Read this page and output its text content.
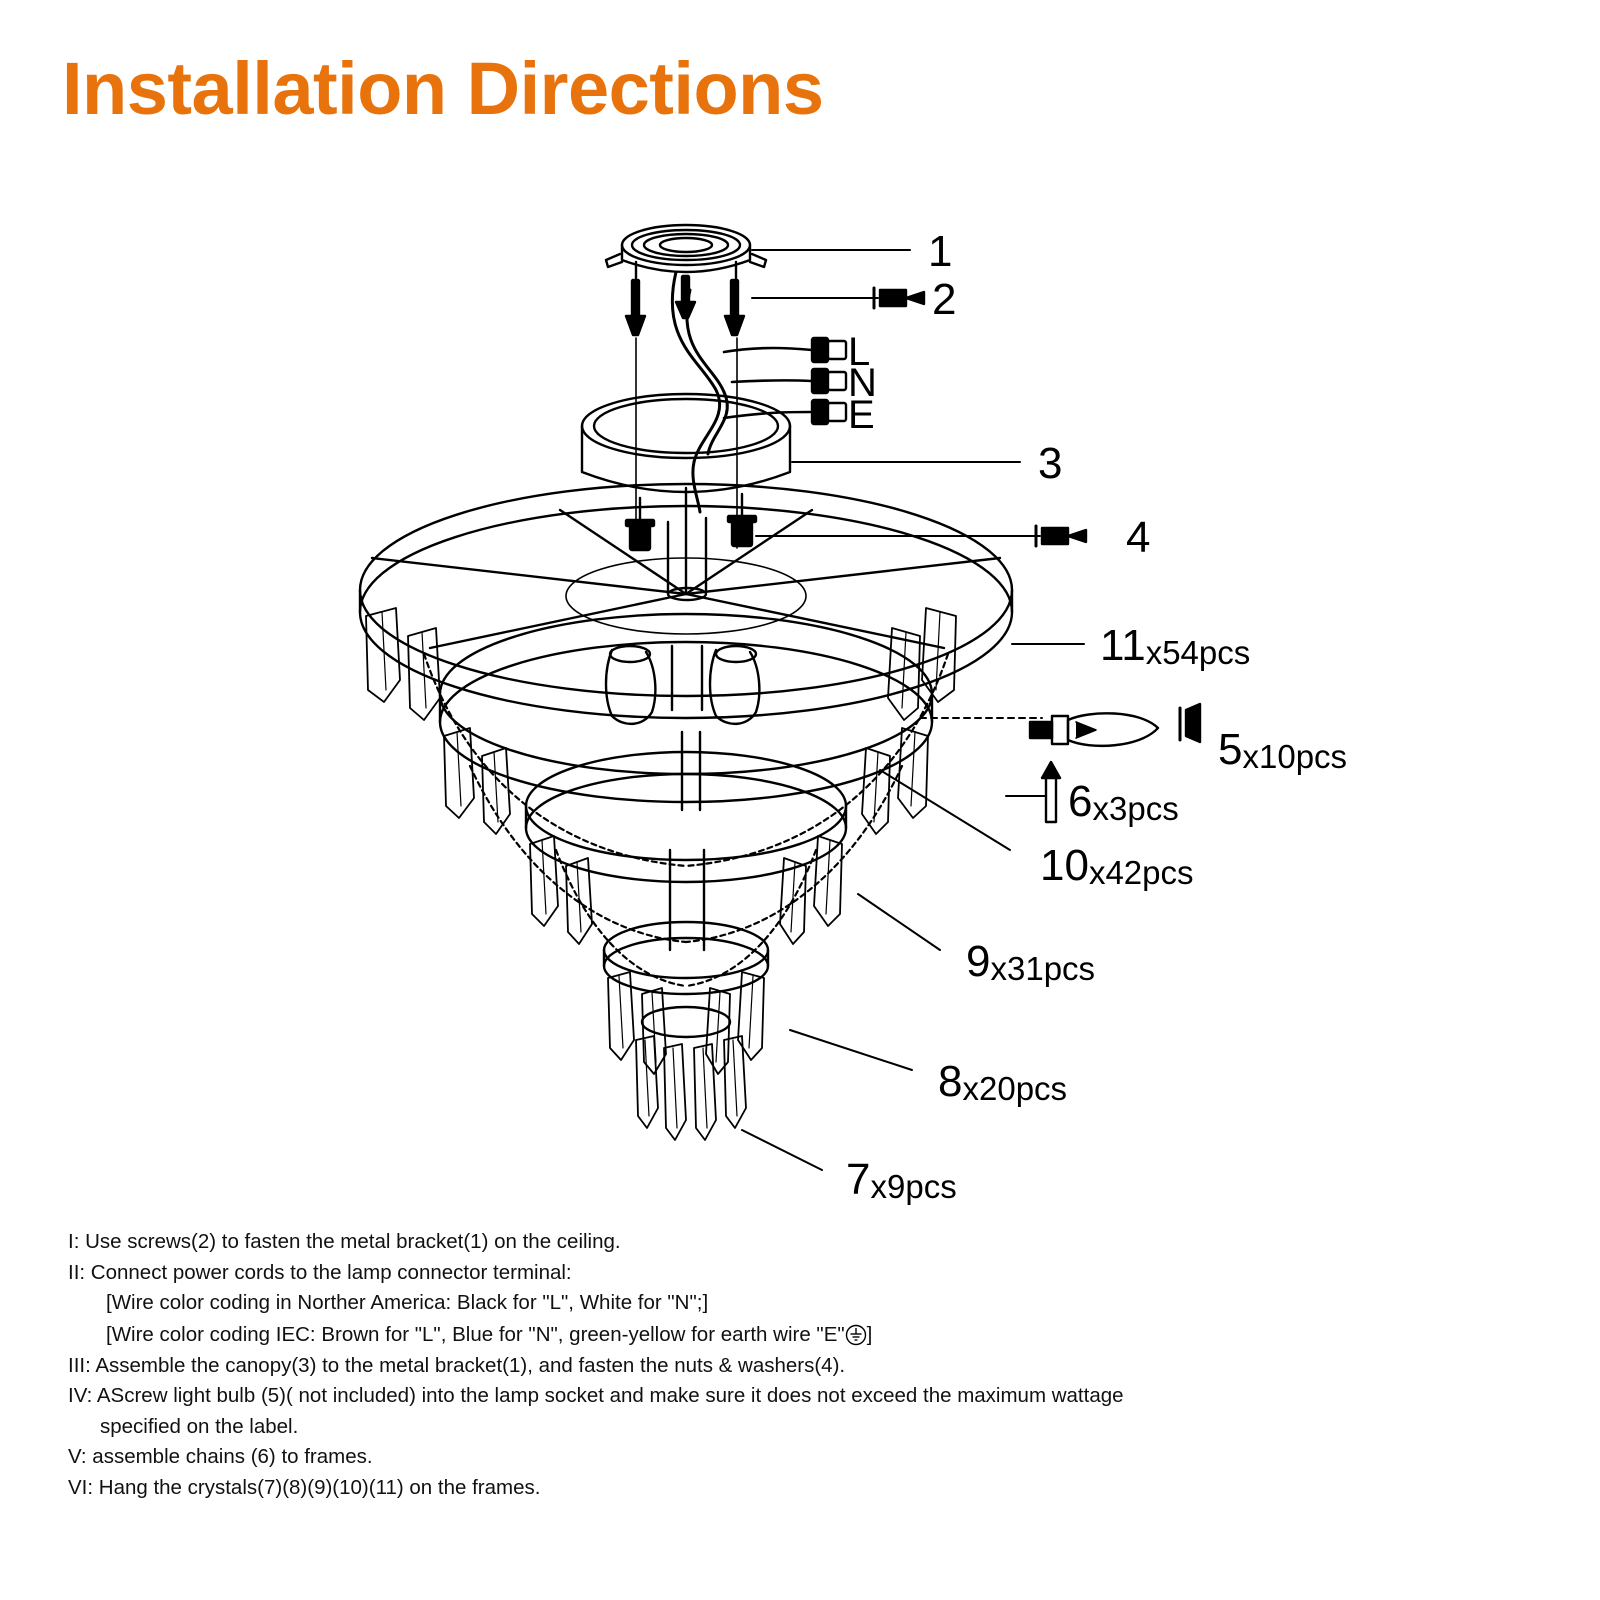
Installation Directions
1
2
3
4
11x54pcs
5x10pcs
6x3pcs
10x42pcs
9x31pcs
8x20pcs
7x9pcs
L
N
E

I: Use screws(2) to fasten the metal bracket(1) on the ceiling.

II: Connect power cords to the lamp connector terminal:

[Wire color coding in Norther America: Black for "L", White for "N";]

[Wire color coding IEC: Brown for "L", Blue for "N", green-yellow for earth wire "E" ]

III: Assemble the canopy(3) to the metal bracket(1), and fasten the nuts & washers(4).

IV: AScrew light bulb (5)( not included) into the lamp socket and make sure it does not exceed the maximum wattage

specified on the label.

V: assemble chains (6) to frames.

VI: Hang the crystals(7)(8)(9)(10)(11) on the frames.
